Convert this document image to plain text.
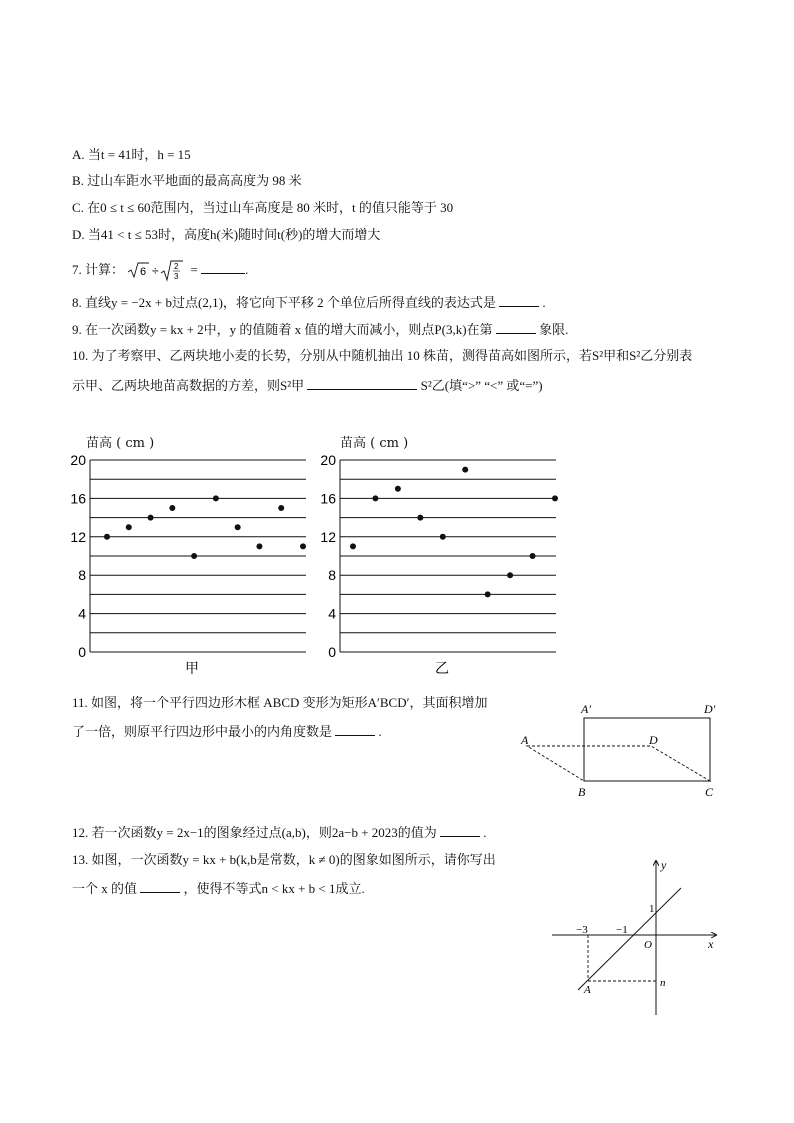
A. 当t = 41时，h = 15
B. 过山车距水平地面的最高高度为 98 米
C. 在0 ≤ t ≤ 60范围内，当过山车高度是 80 米时，t 的值只能等于 30
D. 当41 < t ≤ 53时，高度h(米)随时间t(秒)的增大而增大
7. 计算： 6 ÷ 2
3 =	.
8. 直线y = −2x + b过点(2,1)，将它向下平移 2 个单位后所得直线的表达式是	.
9. 在一次函数y = kx + 2中，y 的值随着 x 值的增大而减小，则点P(3,k)在第	象限.
10. 为了考察甲、乙两块地小麦的长势，分别从中随机抽出 10 株苗，测得苗高如图所示，若S²甲和S²乙分别表
示甲、乙两块地苗高数据的方差，则S²甲	S²乙(填“>” “<” 或“=”)
苗高 ( cm )	苗高 ( cm )
0
4
8
12
16
20
甲
0
4
8
12
16
20
乙
11. 如图，将一个平行四边形木框 ABCD 变形为矩形A′BCD′，其面积增加
了一倍，则原平行四边形中最小的内角度数是	.
A′	D′
A	D
B	C
12. 若一次函数y = 2x−1的图象经过点(a,b)，则2a−b + 2023的值为	.
13. 如图，一次函数y = kx + b(k,b是常数，k ≠ 0)的图象如图所示，请你写出
一个 x 的值	，使得不等式n < kx + b < 1成立.
y
x
1
−3	−1
O
A
n
